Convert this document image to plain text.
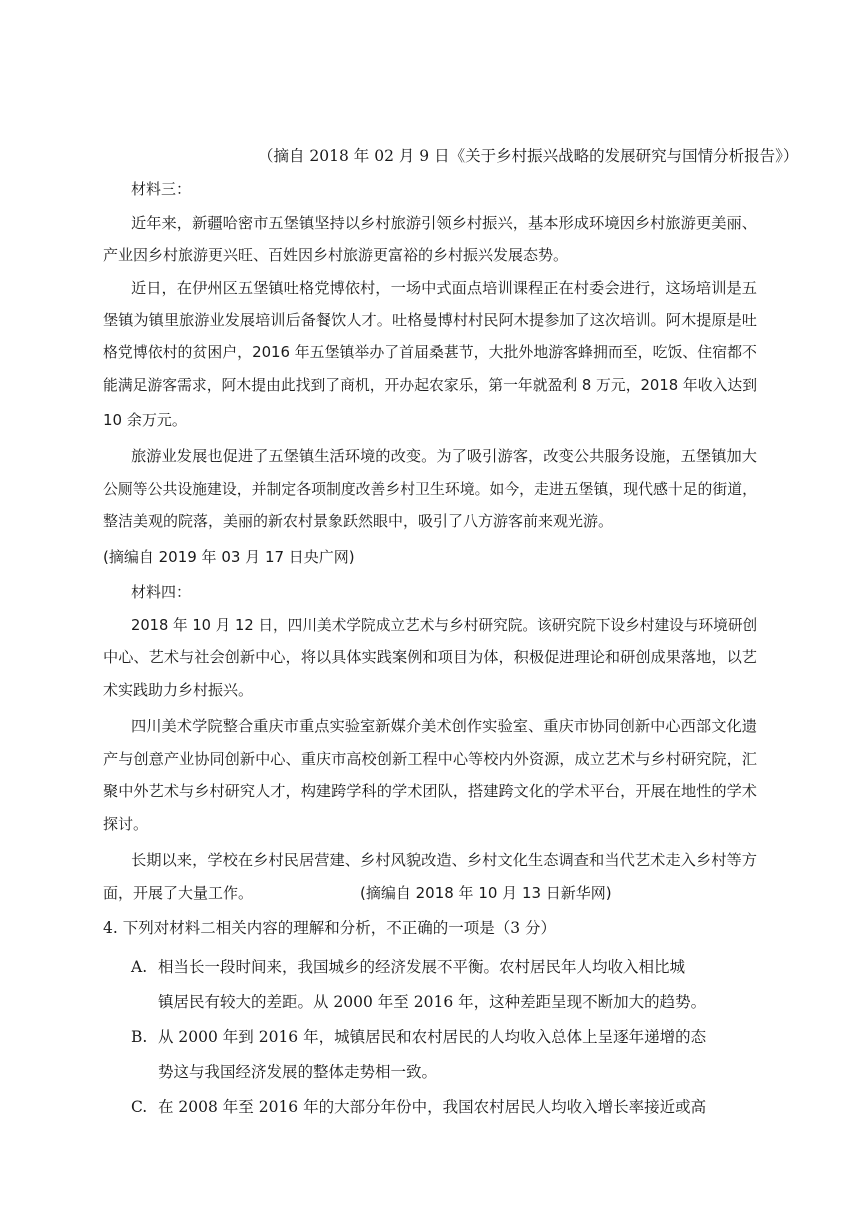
（摘自 2018 年 02 月 9 日《关于乡村振兴战略的发展研究与国情分析报告》）
材料三：
近年来，新疆哈密市五堡镇坚持以乡村旅游引领乡村振兴，基本形成环境因乡村旅游更美丽、
产业因乡村旅游更兴旺、百姓因乡村旅游更富裕的乡村振兴发展态势。
近日，在伊州区五堡镇吐格党博依村，一场中式面点培训课程正在村委会进行，这场培训是五
堡镇为镇里旅游业发展培训后备餐饮人才。吐格曼博村村民阿木提参加了这次培训。阿木提原是吐
格党博依村的贫困户，2016 年五堡镇举办了首届桑葚节，大批外地游客蜂拥而至，吃饭、住宿都不
能满足游客需求，阿木提由此找到了商机，开办起农家乐，第一年就盈利 8 万元，2018 年收入达到
10 余万元。
旅游业发展也促进了五堡镇生活环境的改变。为了吸引游客，改变公共服务设施，五堡镇加大
公厕等公共设施建设，并制定各项制度改善乡村卫生环境。如今，走进五堡镇，现代感十足的街道，
整洁美观的院落，美丽的新农村景象跃然眼中，吸引了八方游客前来观光游。
(摘编自 2019 年 03 月 17 日央广网)
材料四：
2018 年 10 月 12 日，四川美术学院成立艺术与乡村研究院。该研究院下设乡村建设与环境研创
中心、艺术与社会创新中心，将以具体实践案例和项目为体，积极促进理论和研创成果落地，以艺
术实践助力乡村振兴。
四川美术学院整合重庆市重点实验室新媒介美术创作实验室、重庆市协同创新中心西部文化遗
产与创意产业协同创新中心、重庆市高校创新工程中心等校内外资源，成立艺术与乡村研究院，汇
聚中外艺术与乡村研究人才，构建跨学科的学术团队，搭建跨文化的学术平台，开展在地性的学术
探讨。
长期以来，学校在乡村民居营建、乡村风貌改造、乡村文化生态调查和当代艺术走入乡村等方
面，开展了大量工作。	(摘编自 2018 年 10 月 13 日新华网)
4. 下列对材料二相关内容的理解和分析，不正确的一项是（3 分）
A. 相当长一段时间来，我国城乡的经济发展不平衡。农村居民年人均收入相比城
镇居民有较大的差距。从 2000 年至 2016 年，这种差距呈现不断加大的趋势。
B. 从 2000 年到 2016 年，城镇居民和农村居民的人均收入总体上呈逐年递增的态
势这与我国经济发展的整体走势相一致。
C. 在 2008 年至 2016 年的大部分年份中，我国农村居民人均收入增长率接近或高
